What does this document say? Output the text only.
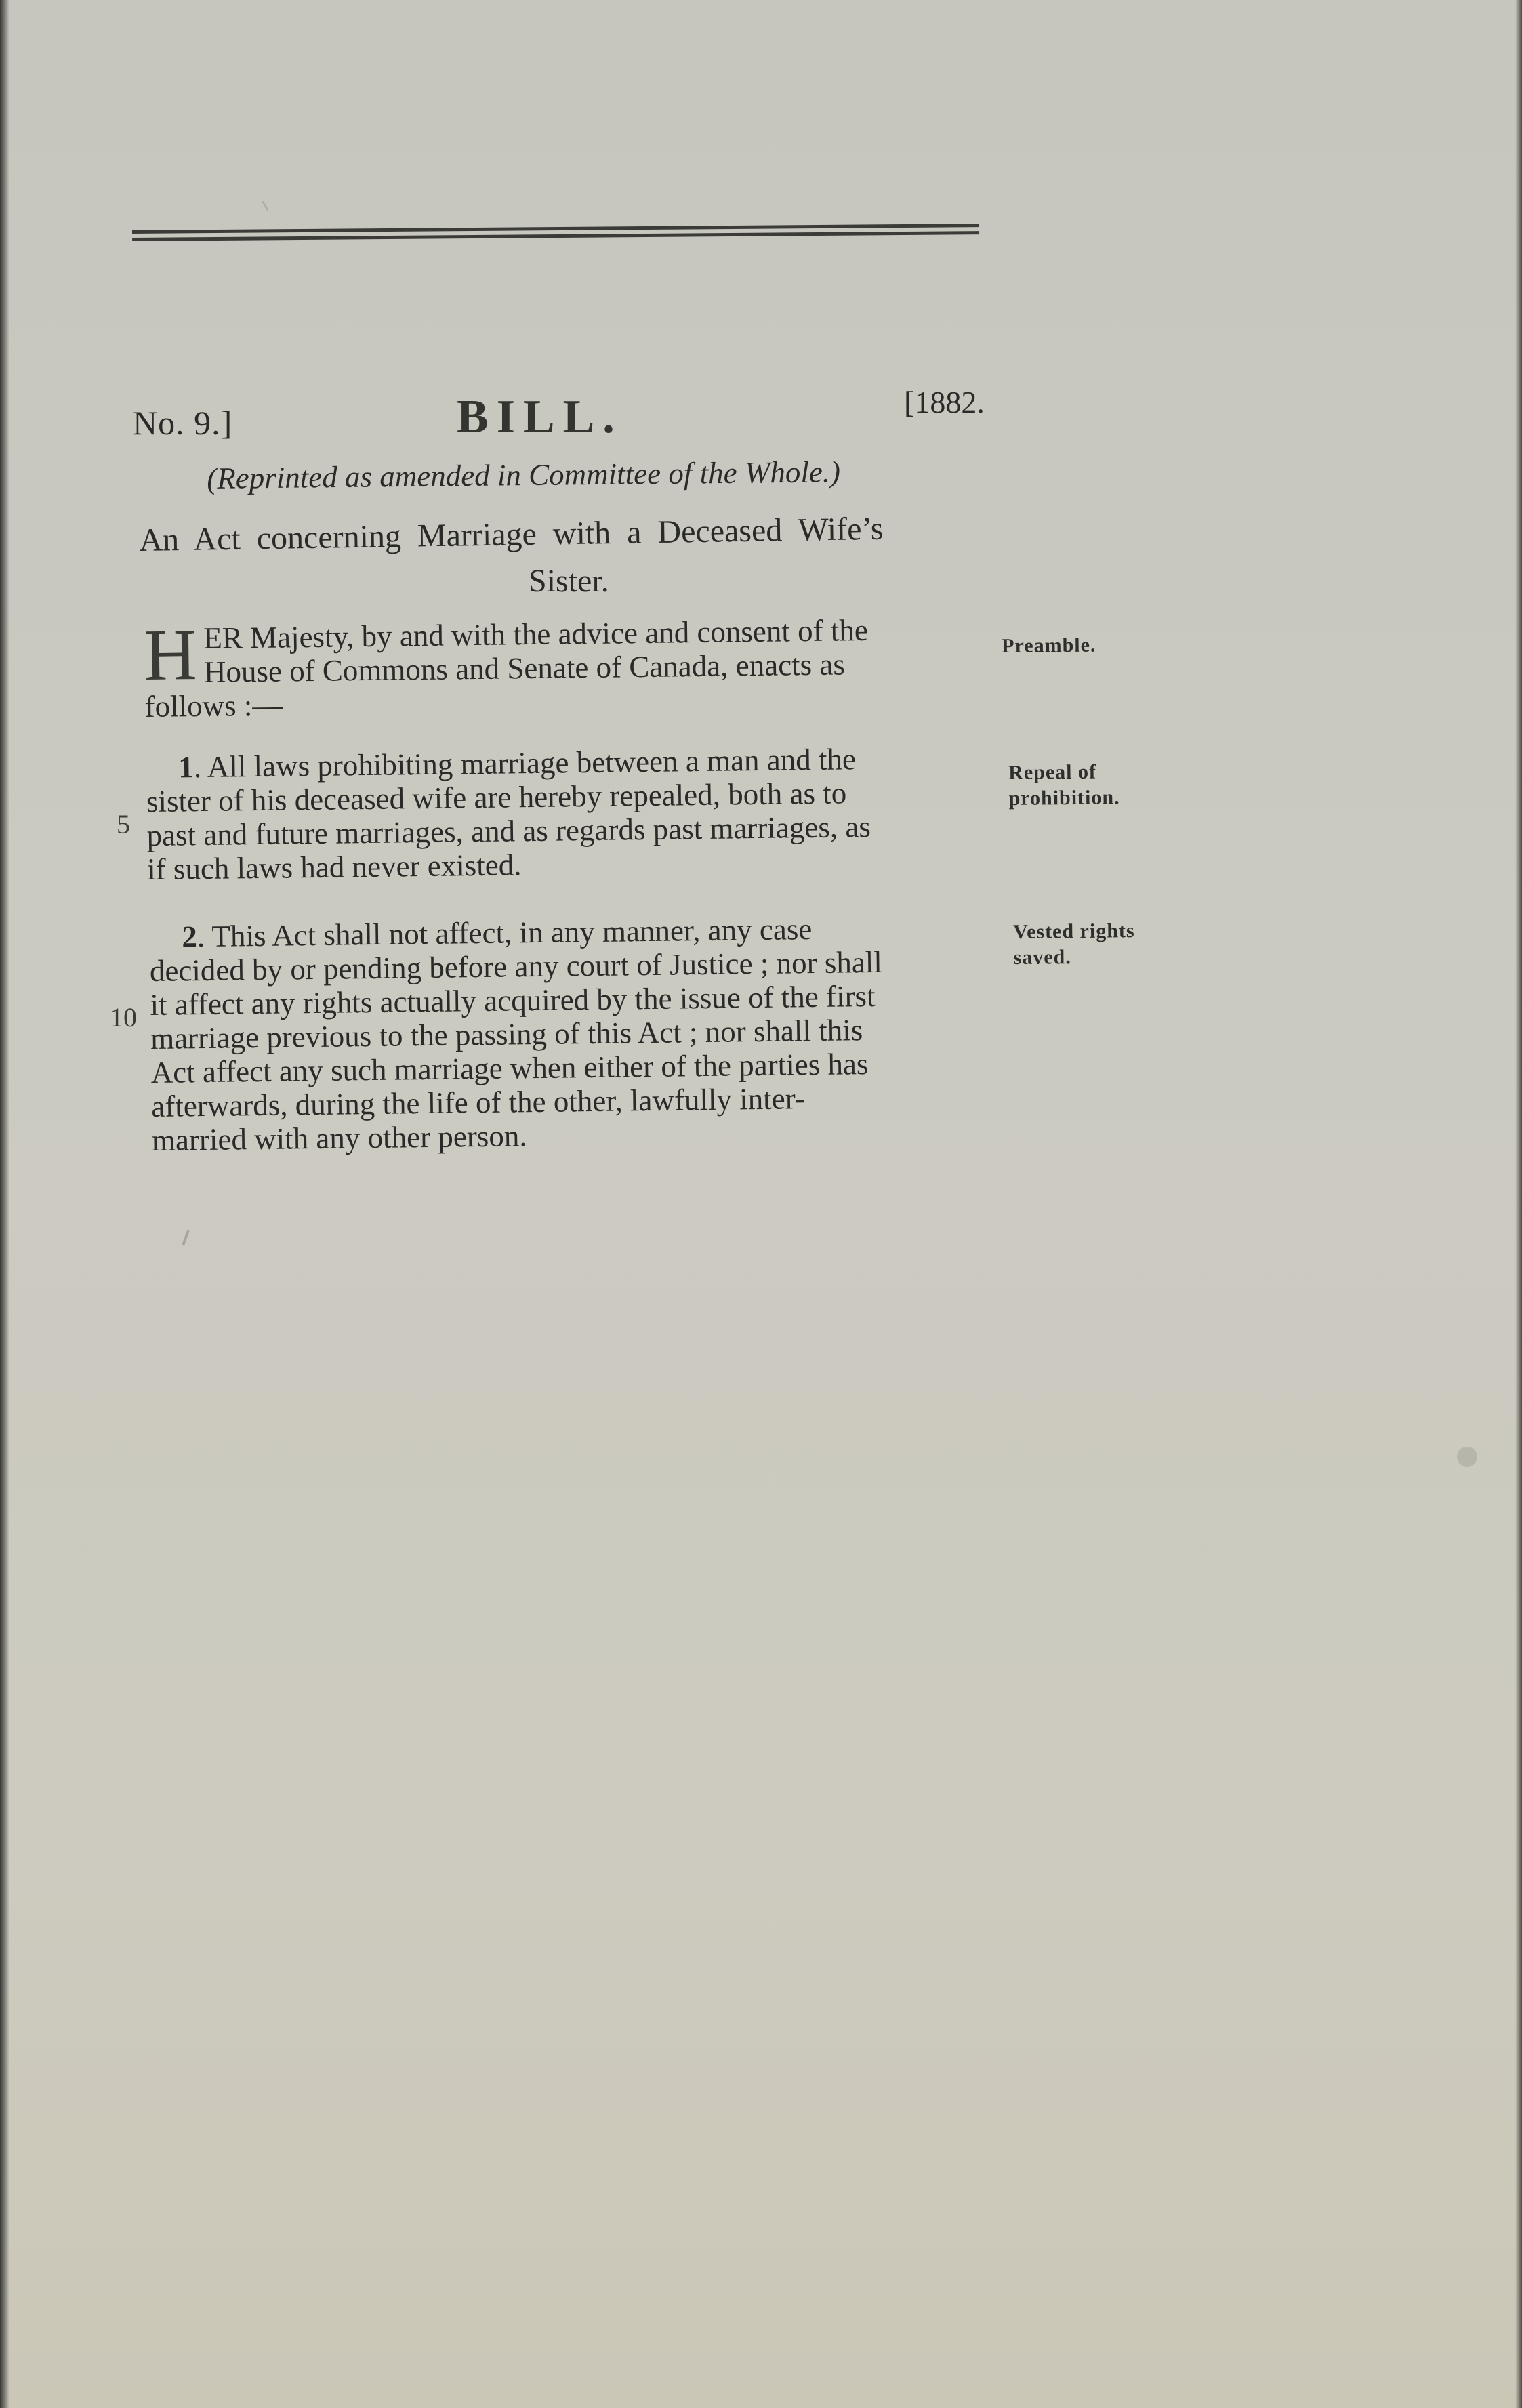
No. 9.]	BILL.	[1882.
(Reprinted as amended in Committee of the Whole.)
An Act concerning Marriage with a Deceased Wife’s
Sister.
H ER Majesty, by and with the advice and consent of the
House of Commons and Senate of Canada, enacts as
follows :—
Preamble.
1. All laws prohibiting marriage between a man and the
sister of his deceased wife are hereby repealed, both as to
past and future marriages, and as regards past marriages, as
if such laws had never existed.
Repeal of
prohibition.
5
2. This Act shall not affect, in any manner, any case
decided by or pending before any court of Justice ; nor shall
it affect any rights actually acquired by the issue of the first
marriage previous to the passing of this Act ; nor shall this
Act affect any such marriage when either of the parties has
afterwards, during the life of the other, lawfully inter-
married with any other person.
Vested rights
saved.
10
